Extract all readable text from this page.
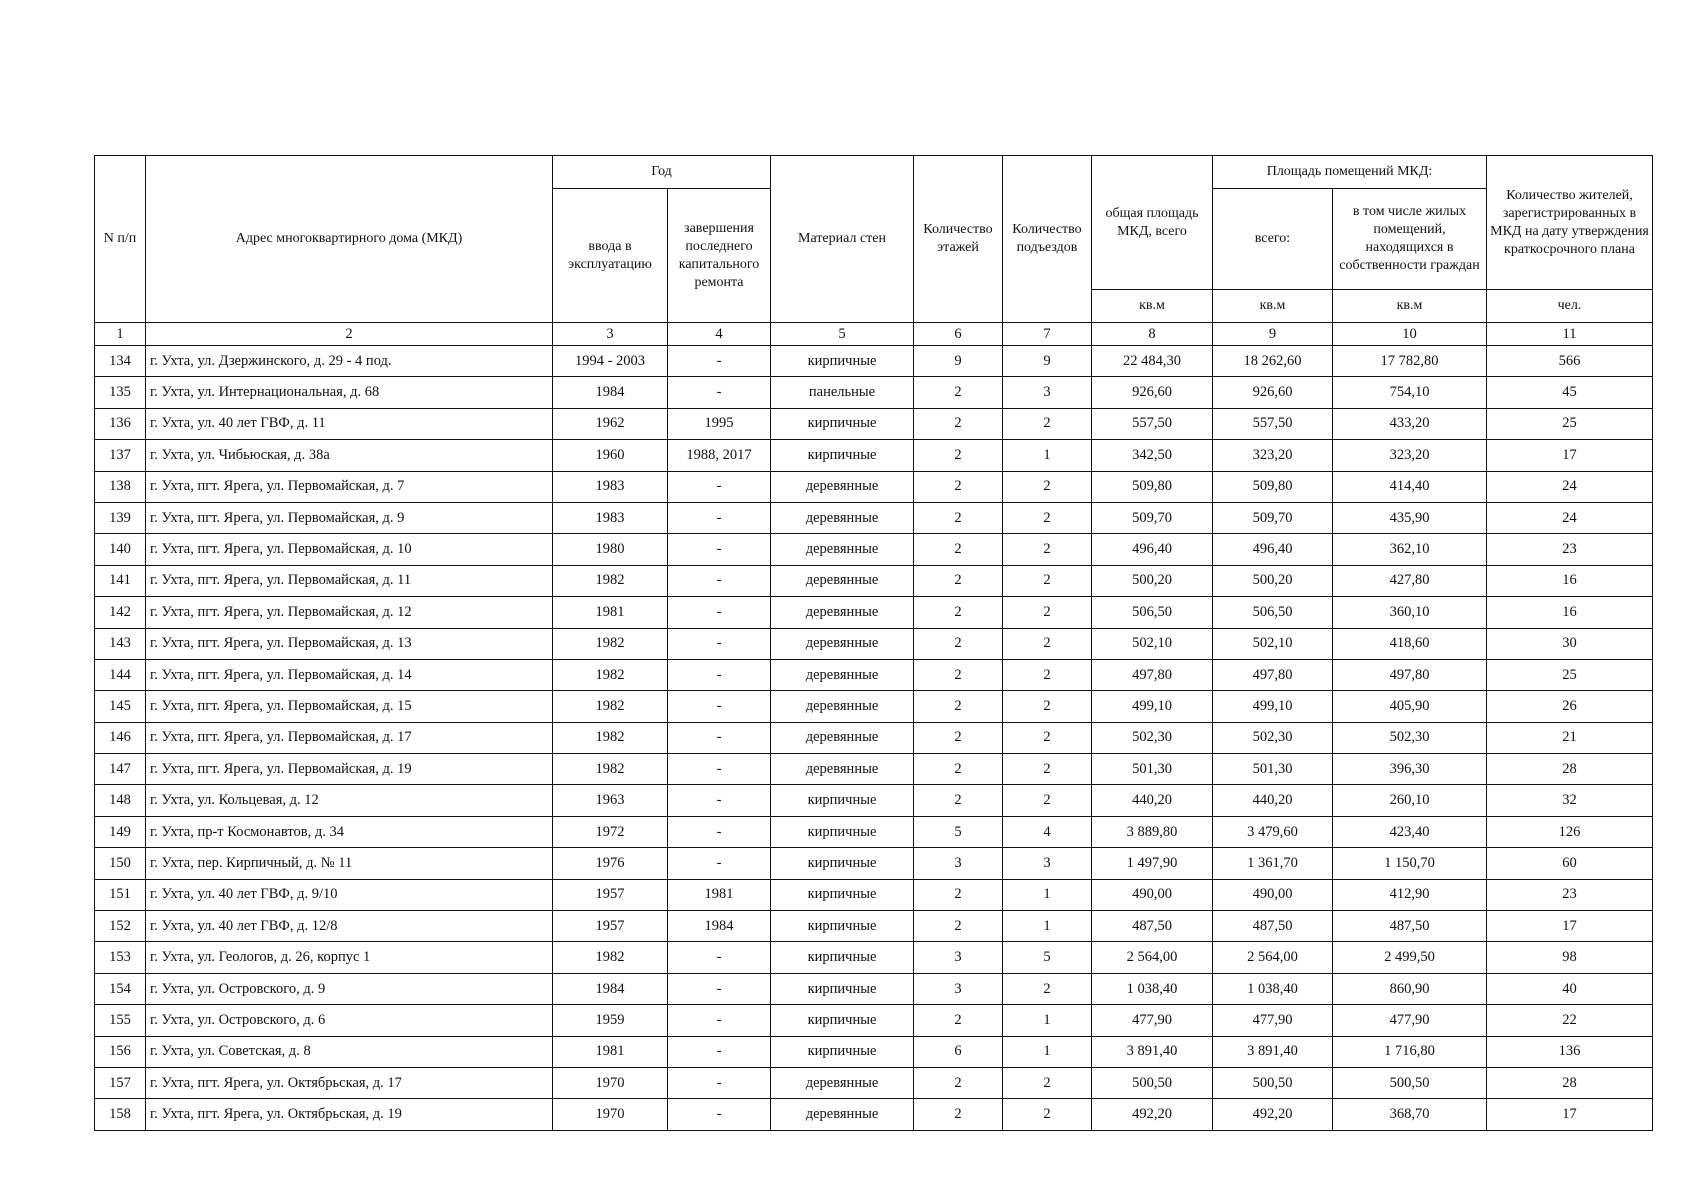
N п/п	Адрес многоквартирного дома (МКД)	Год		Материал стен	Количество этажей	Количество подъездов	общая площадь МКД, всего	Площадь помещений МКД:		Количество жителей, зарегистрированных в МКД на дату утверждения краткосрочного плана
		ввода в эксплуатацию	завершения последнего капитального ремонта					всего:	в том числе жилых помещений, находящихся в собственности граждан	
							кв.м	кв.м	кв.м	чел.
1	2	3	4	5	6	7	8	9	10	11
134	г. Ухта, ул. Дзержинского, д. 29 - 4 под.	1994 - 2003	-	кирпичные	9	9	22 484,30	18 262,60	17 782,80	566
135	г. Ухта, ул. Интернациональная, д. 68	1984	-	панельные	2	3	926,60	926,60	754,10	45
136	г. Ухта, ул. 40 лет ГВФ, д. 11	1962	1995	кирпичные	2	2	557,50	557,50	433,20	25
137	г. Ухта, ул. Чибьюская, д. 38а	1960	1988, 2017	кирпичные	2	1	342,50	323,20	323,20	17
138	г. Ухта, пгт. Ярега, ул. Первомайская, д. 7	1983	-	деревянные	2	2	509,80	509,80	414,40	24
139	г. Ухта, пгт. Ярега, ул. Первомайская, д. 9	1983	-	деревянные	2	2	509,70	509,70	435,90	24
140	г. Ухта, пгт. Ярега, ул. Первомайская, д. 10	1980	-	деревянные	2	2	496,40	496,40	362,10	23
141	г. Ухта, пгт. Ярега, ул. Первомайская, д. 11	1982	-	деревянные	2	2	500,20	500,20	427,80	16
142	г. Ухта, пгт. Ярега, ул. Первомайская, д. 12	1981	-	деревянные	2	2	506,50	506,50	360,10	16
143	г. Ухта, пгт. Ярега, ул. Первомайская, д. 13	1982	-	деревянные	2	2	502,10	502,10	418,60	30
144	г. Ухта, пгт. Ярега, ул. Первомайская, д. 14	1982	-	деревянные	2	2	497,80	497,80	497,80	25
145	г. Ухта, пгт. Ярега, ул. Первомайская, д. 15	1982	-	деревянные	2	2	499,10	499,10	405,90	26
146	г. Ухта, пгт. Ярега, ул. Первомайская, д. 17	1982	-	деревянные	2	2	502,30	502,30	502,30	21
147	г. Ухта, пгт. Ярега, ул. Первомайская, д. 19	1982	-	деревянные	2	2	501,30	501,30	396,30	28
148	г. Ухта, ул. Кольцевая, д. 12	1963	-	кирпичные	2	2	440,20	440,20	260,10	32
149	г. Ухта, пр-т Космонавтов, д. 34	1972	-	кирпичные	5	4	3 889,80	3 479,60	423,40	126
150	г. Ухта, пер. Кирпичный, д. № 11	1976	-	кирпичные	3	3	1 497,90	1 361,70	1 150,70	60
151	г. Ухта, ул. 40 лет ГВФ, д. 9/10	1957	1981	кирпичные	2	1	490,00	490,00	412,90	23
152	г. Ухта, ул. 40 лет ГВФ, д. 12/8	1957	1984	кирпичные	2	1	487,50	487,50	487,50	17
153	г. Ухта, ул. Геологов, д. 26, корпус 1	1982	-	кирпичные	3	5	2 564,00	2 564,00	2 499,50	98
154	г. Ухта, ул. Островского, д. 9	1984	-	кирпичные	3	2	1 038,40	1 038,40	860,90	40
155	г. Ухта, ул. Островского, д. 6	1959	-	кирпичные	2	1	477,90	477,90	477,90	22
156	г. Ухта, ул. Советская, д. 8	1981	-	кирпичные	6	1	3 891,40	3 891,40	1 716,80	136
157	г. Ухта, пгт. Ярега, ул. Октябрьская, д. 17	1970	-	деревянные	2	2	500,50	500,50	500,50	28
158	г. Ухта, пгт. Ярега, ул. Октябрьская, д. 19	1970	-	деревянные	2	2	492,20	492,20	368,70	17
